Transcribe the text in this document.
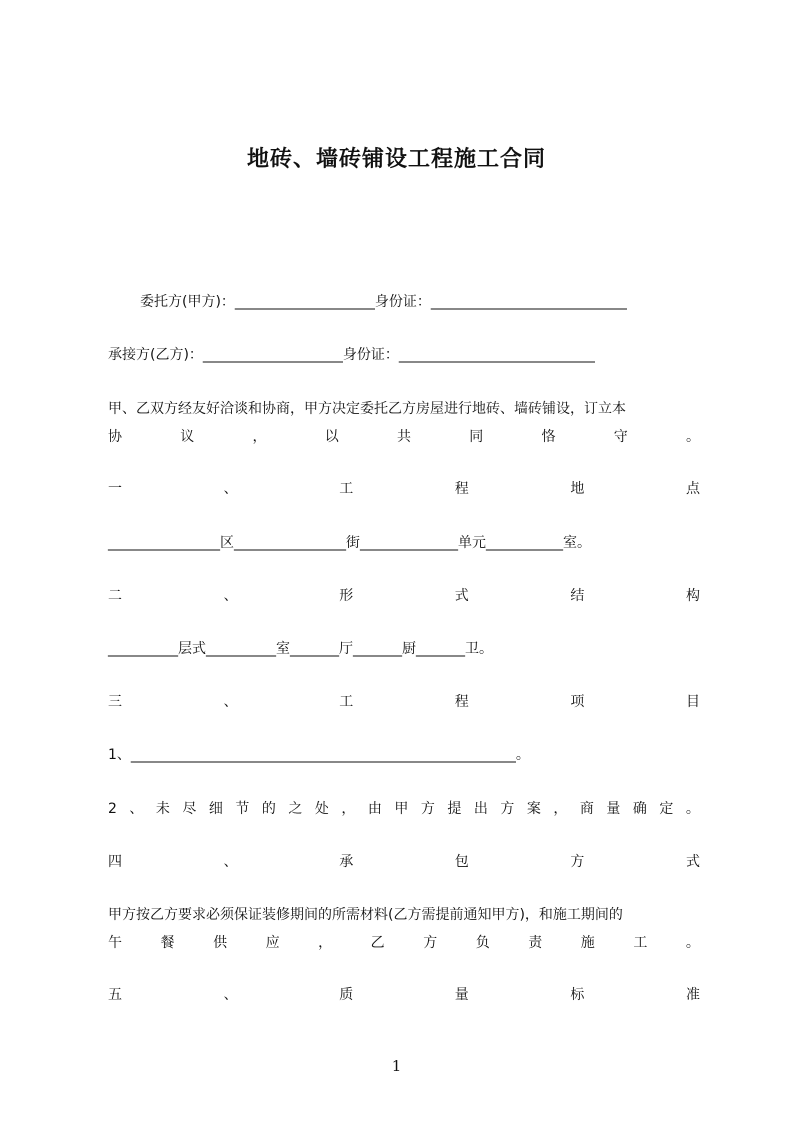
地砖、墙砖铺设工程施工合同
委托方(甲方)：____________________身份证：____________________________
承接方(乙方)：____________________身份证：____________________________
甲、乙双方经友好洽谈和协商，甲方决定委托乙方房屋进行地砖、墙砖铺设，订立本
协	议	，	以	共	同	恪	守	。
一	、	工	程	地	点
________________区________________街______________单元___________室。
二	、	形	式	结	构
__________层式__________室_______厅_______厨_______卫。
三	、	工	程	项	目
1、_______________________________________________________。
2 、 未 尽 细 节 的 之 处 ， 由 甲 方 提 出 方 案 ， 商 量 确 定 。
四	、	承	包	方	式
甲方按乙方要求必须保证装修期间的所需材料(乙方需提前通知甲方)，和施工期间的
午	餐	供	应	，	乙	方	负	责	施	工	。
五	、	质	量	标	准
1
